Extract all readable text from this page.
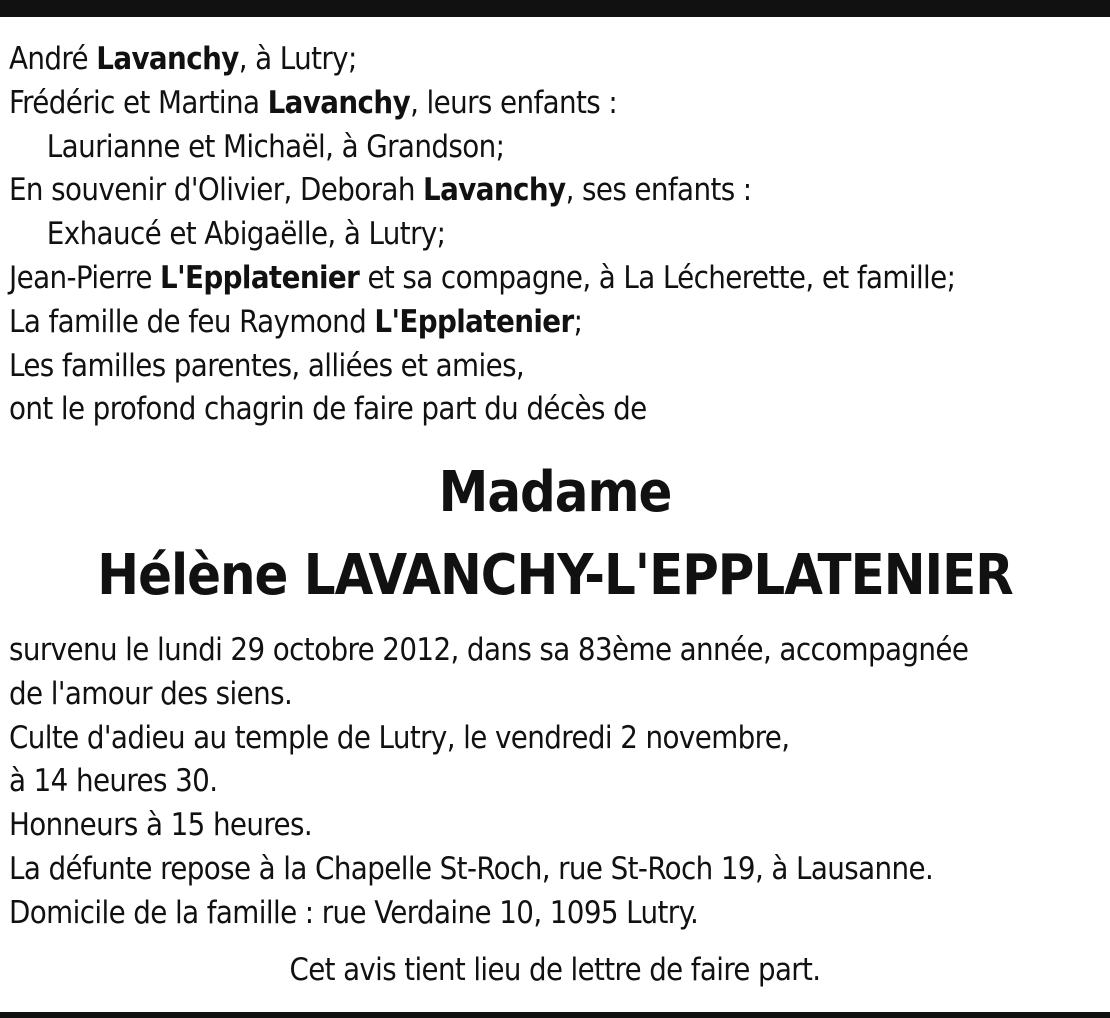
André Lavanchy, à Lutry;
Frédéric et Martina Lavanchy, leurs enfants :
Laurianne et Michaël, à Grandson;
En souvenir d'Olivier, Deborah Lavanchy, ses enfants :
Exhaucé et Abigaëlle, à Lutry;
Jean-Pierre L'Epplatenier et sa compagne, à La Lécherette, et famille;
La famille de feu Raymond L'Epplatenier;
Les familles parentes, alliées et amies,
ont le profond chagrin de faire part du décès de
Madame
Hélène LAVANCHY-L'EPPLATENIER
survenu le lundi 29 octobre 2012, dans sa 83ème année, accompagnée
de l'amour des siens.
Culte d'adieu au temple de Lutry, le vendredi 2 novembre,
à 14 heures 30.
Honneurs à 15 heures.
La défunte repose à la Chapelle St-Roch, rue St-Roch 19, à Lausanne.
Domicile de la famille : rue Verdaine 10, 1095 Lutry.
Cet avis tient lieu de lettre de faire part.
